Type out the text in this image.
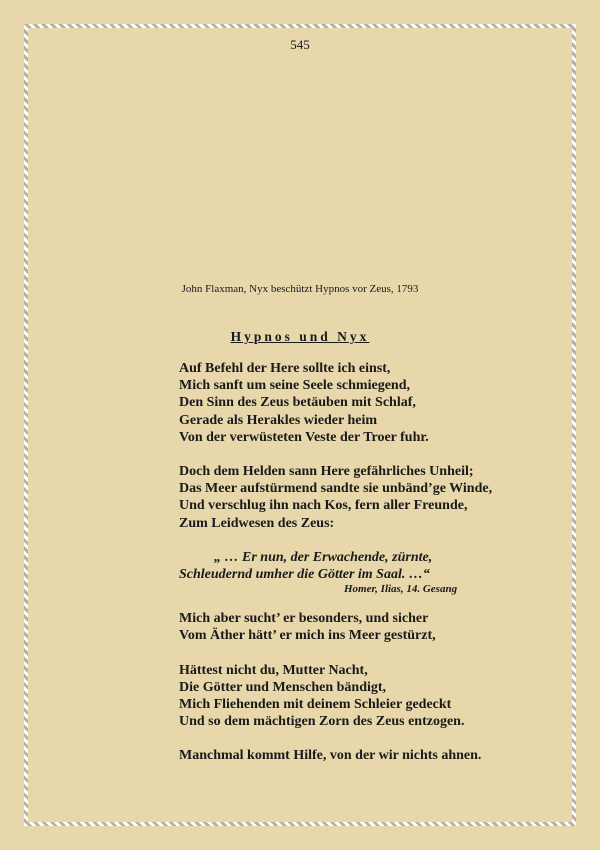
545
John Flaxman, Nyx beschützt Hypnos vor Zeus, 1793
Hypnos und Nyx
Auf Befehl der Here sollte ich einst,
Mich sanft um seine Seele schmiegend,
Den Sinn des Zeus betäuben mit Schlaf,
Gerade als Herakles wieder heim
Von der verwüsteten Veste der Troer fuhr.
Doch dem Helden sann Here gefährliches Unheil;
Das Meer aufstürmend sandte sie unbänd’ge Winde,
Und verschlug ihn nach Kos, fern aller Freunde,
Zum Leidwesen des Zeus:
„ … Er nun, der Erwachende, zürnte,
Schleudernd umher die Götter im Saal. …“
Homer, Ilias, 14. Gesang
Mich aber sucht’ er besonders, und sicher
Vom Äther hätt’ er mich ins Meer gestürzt,
Hättest nicht du, Mutter Nacht,
Die Götter und Menschen bändigt,
Mich Fliehenden mit deinem Schleier gedeckt
Und so dem mächtigen Zorn des Zeus entzogen.
Manchmal kommt Hilfe, von der wir nichts ahnen.
